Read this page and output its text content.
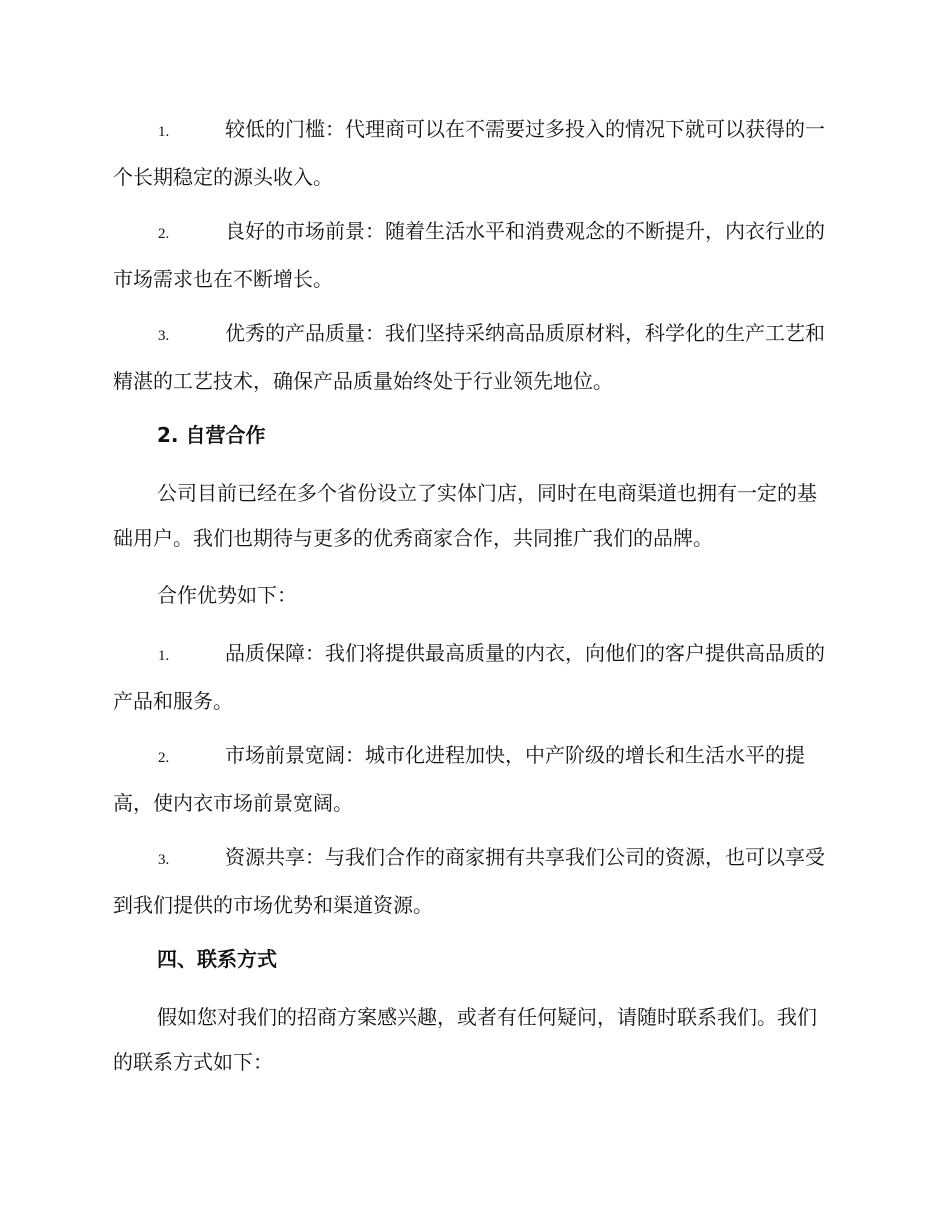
1.	较低的门槛：代理商可以在不需要过多投入的情况下就可以获得的一个长期稳定的源头收入。

2.	良好的市场前景：随着生活水平和消费观念的不断提升，内衣行业的市场需求也在不断增长。

3.	优秀的产品质量：我们坚持采纳高品质原材料，科学化的生产工艺和精湛的工艺技术，确保产品质量始终处于行业领先地位。

2. 自营合作

公司目前已经在多个省份设立了实体门店，同时在电商渠道也拥有一定的基础用户。我们也期待与更多的优秀商家合作，共同推广我们的品牌。

合作优势如下：

1.	品质保障：我们将提供最高质量的内衣，向他们的客户提供高品质的产品和服务。

2.	市场前景宽阔：城市化进程加快，中产阶级的增长和生活水平的提高，使内衣市场前景宽阔。

3.	资源共享：与我们合作的商家拥有共享我们公司的资源，也可以享受到我们提供的市场优势和渠道资源。

四、联系方式

假如您对我们的招商方案感兴趣，或者有任何疑问，请随时联系我们。我们的联系方式如下：
